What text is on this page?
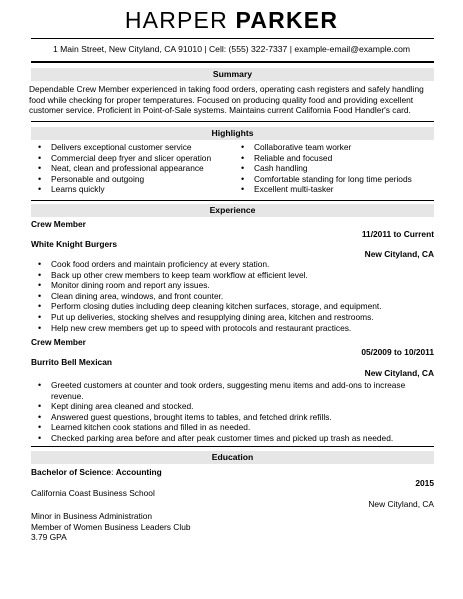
HARPER PARKER
1 Main Street, New Cityland, CA 91010 | Cell: (555) 322-7337 | example-email@example.com
Summary
Dependable Crew Member experienced in taking food orders, operating cash registers and safely handling
food while checking for proper temperatures. Focused on producing quality food and providing excellent
customer service. Proficient in Point-of-Sale systems. Maintains current California Food Handler's card.
Highlights
• Delivers exceptional customer service
• Commercial deep fryer and slicer operation
• Neat, clean and professional appearance
• Personable and outgoing
• Learns quickly
• Collaborative team worker
• Reliable and focused
• Cash handling
• Comfortable standing for long time periods
• Excellent multi-tasker
Experience
Crew Member
11/2011 to Current
White Knight Burgers
New Cityland, CA
• Cook food orders and maintain proficiency at every station.
• Back up other crew members to keep team workflow at efficient level.
• Monitor dining room and report any issues.
• Clean dining area, windows, and front counter.
• Perform closing duties including deep cleaning kitchen surfaces, storage, and equipment.
• Put up deliveries, stocking shelves and resupplying dining area, kitchen and restrooms.
• Help new crew members get up to speed with protocols and restaurant practices.
Crew Member
05/2009 to 10/2011
Burrito Bell Mexican
New Cityland, CA
• Greeted customers at counter and took orders, suggesting menu items and add-ons to increase
revenue.
• Kept dining area cleaned and stocked.
• Answered guest questions, brought items to tables, and fetched drink refills.
• Learned kitchen cook stations and filled in as needed.
• Checked parking area before and after peak customer times and picked up trash as needed.
Education
Bachelor of Science: Accounting
2015
California Coast Business School
New Cityland, CA
Minor in Business Administration
Member of Women Business Leaders Club
3.79 GPA
